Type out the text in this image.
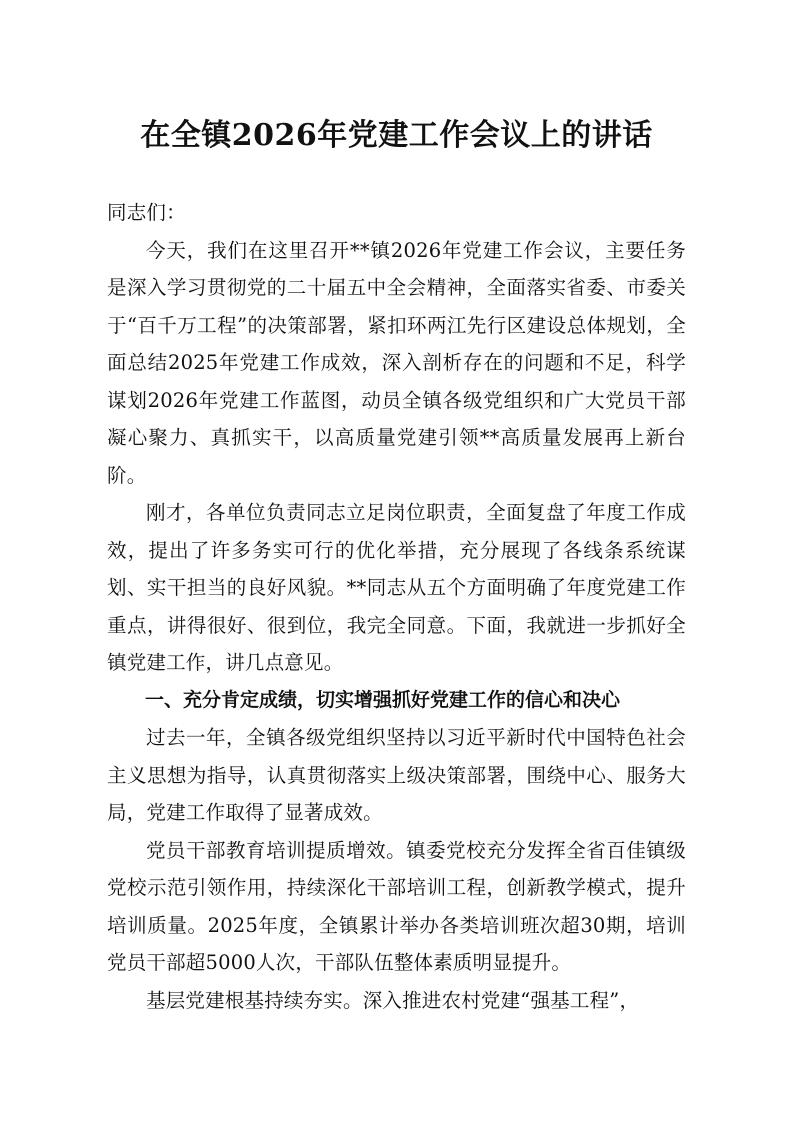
在全镇2026年党建工作会议上的讲话

同志们：

今天，我们在这里召开**镇2026年党建工作会议，主要任务是深入学习贯彻党的二十届五中全会精神，全面落实省委、市委关于“百千万工程”的决策部署，紧扣环两江先行区建设总体规划，全面总结2025年党建工作成效，深入剖析存在的问题和不足，科学谋划2026年党建工作蓝图，动员全镇各级党组织和广大党员干部凝心聚力、真抓实干，以高质量党建引领**高质量发展再上新台阶。

刚才，各单位负责同志立足岗位职责，全面复盘了年度工作成效，提出了许多务实可行的优化举措，充分展现了各线条系统谋划、实干担当的良好风貌。**同志从五个方面明确了年度党建工作重点，讲得很好、很到位，我完全同意。下面，我就进一步抓好全镇党建工作，讲几点意见。

一、充分肯定成绩，切实增强抓好党建工作的信心和决心

过去一年，全镇各级党组织坚持以习近平新时代中国特色社会主义思想为指导，认真贯彻落实上级决策部署，围绕中心、服务大局，党建工作取得了显著成效。

党员干部教育培训提质增效。镇委党校充分发挥全省百佳镇级党校示范引领作用，持续深化干部培训工程，创新教学模式，提升培训质量。2025年度，全镇累计举办各类培训班次超30期，培训党员干部超5000人次，干部队伍整体素质明显提升。

基层党建根基持续夯实。深入推进农村党建“强基工程”，
